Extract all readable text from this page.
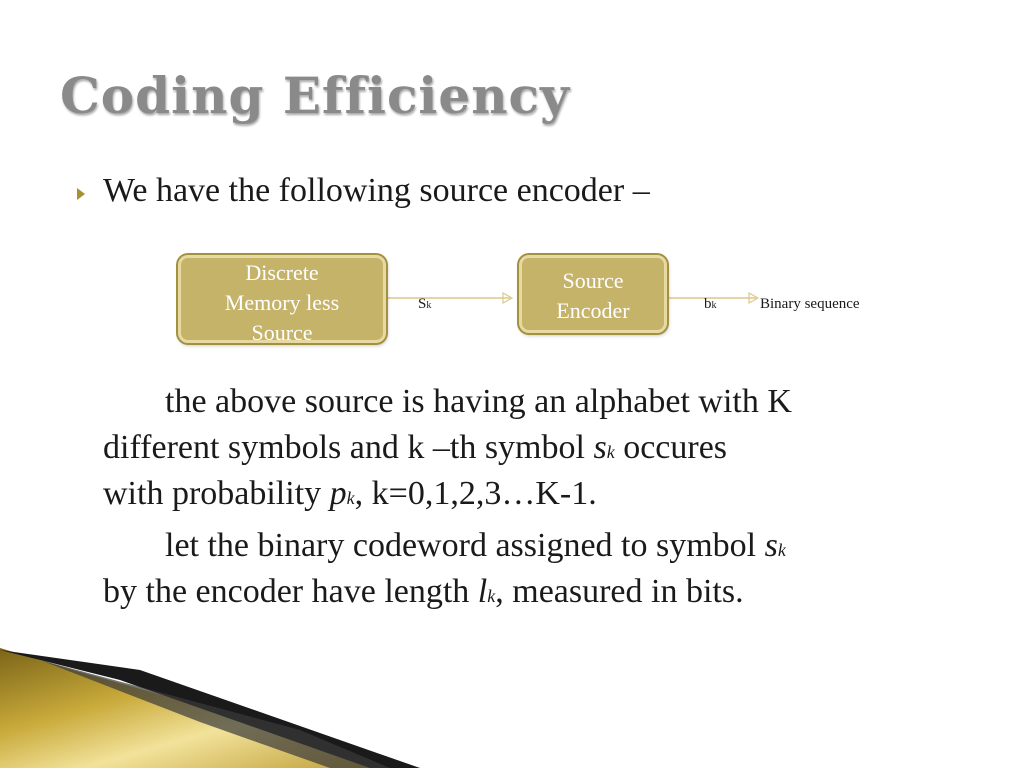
Coding Efficiency
We have the following source encoder –
Discrete
Memory less
Source
Source
Encoder
Sk	bk	Binary sequence
the above source is having an alphabet with K
different symbols and k –th symbol sk occures
with probability pk, k=0,1,2,3…K-1.
let the binary codeword assigned to symbol sk
by the encoder have length lk, measured in bits.
